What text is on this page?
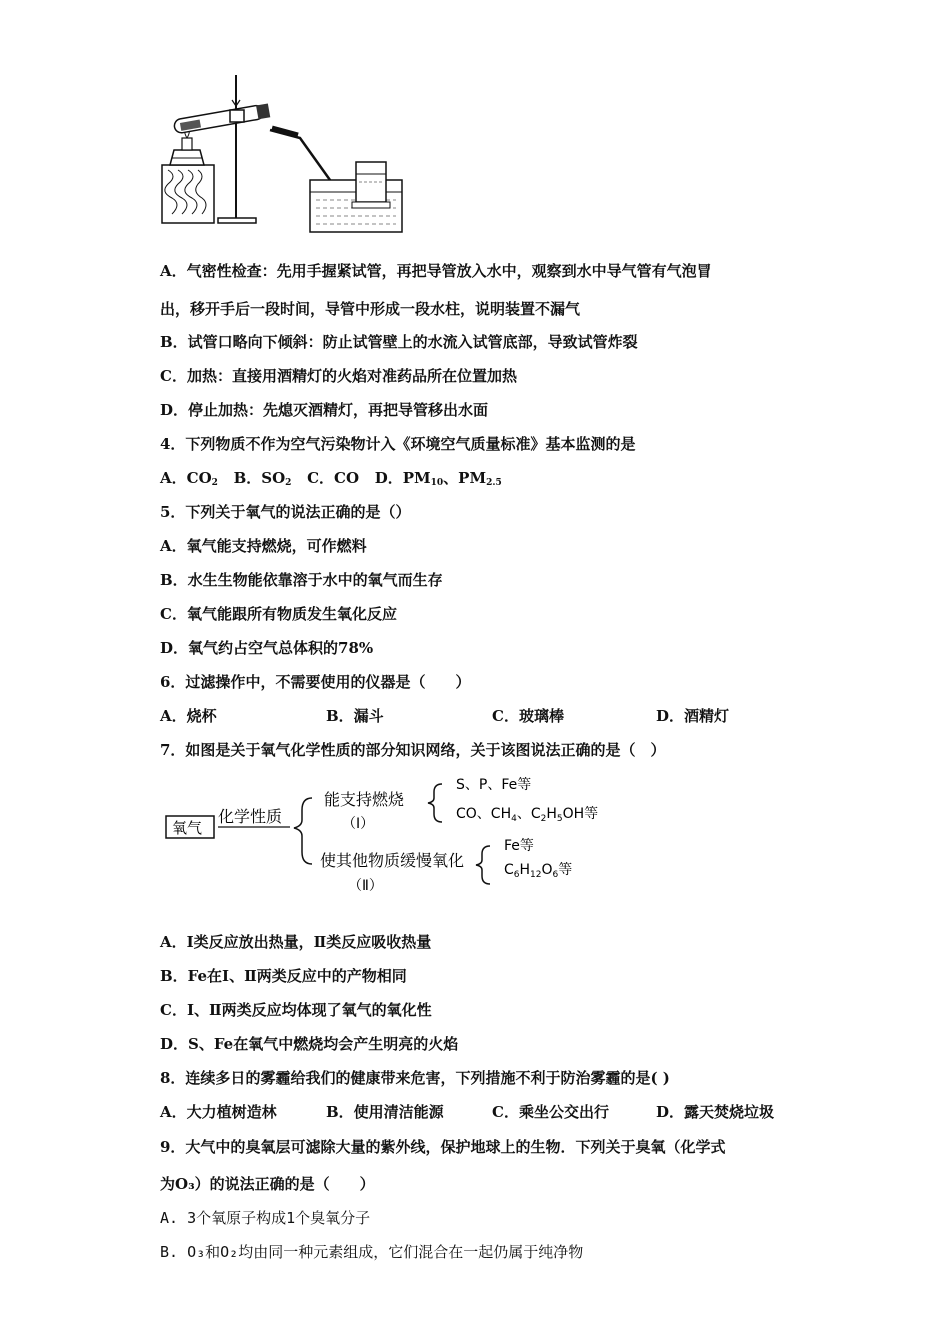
A．气密性检查：先用手握紧试管，再把导管放入水中，观察到水中导气管有气泡冒
出，移开手后一段时间，导管中形成一段水柱，说明装置不漏气
B．试管口略向下倾斜：防止试管壁上的水流入试管底部，导致试管炸裂
C．加热：直接用酒精灯的火焰对准药品所在位置加热
D．停止加热：先熄灭酒精灯，再把导管移出水面
4．下列物质不作为空气污染物计入《环境空气质量标准》基本监测的是
A．$CO_2$ B．$SO_2$ C．CO D．$PM_{10}$、$PM_{2.5}$
5．下列关于氧气的说法正确的是（）
A．氧气能支持燃烧，可作燃料
B．水生生物能依靠溶于水中的氧气而生存
C．氧气能跟所有物质发生氧化反应
D．氧气约占空气总体积的78%
6．过滤操作中，不需要使用的仪器是（　　）
A．烧杯	B．漏斗	C．玻璃棒	D．酒精灯
7．如图是关于氧气化学性质的部分知识网络，关于该图说法正确的是（　）
氧气
化学性质
能支持燃烧
（Ⅰ）
S、P、Fe等
CO、$CH_4$、$C_2H_5OH$等
使其他物质缓慢氧化
（Ⅱ）
Fe等
$C_6H_{12}O_6$等
A．Ⅰ类反应放出热量，Ⅱ类反应吸收热量
B．Fe在Ⅰ、Ⅱ两类反应中的产物相同
C．Ⅰ、Ⅱ两类反应均体现了氧气的氧化性
D．S、Fe在氧气中燃烧均会产生明亮的火焰
8．连续多日的雾霾给我们的健康带来危害，下列措施不利于防治雾霾的是( )
A．大力植树造林	B．使用清洁能源	C．乘坐公交出行	D．露天焚烧垃圾
9．大气中的臭氧层可滤除大量的紫外线，保护地球上的生物．下列关于臭氧（化学式
为O₃）的说法正确的是（　　）
A. 3个氧原子构成1个臭氧分子
B. O₃和O₂均由同一种元素组成，它们混合在一起仍属于纯净物
